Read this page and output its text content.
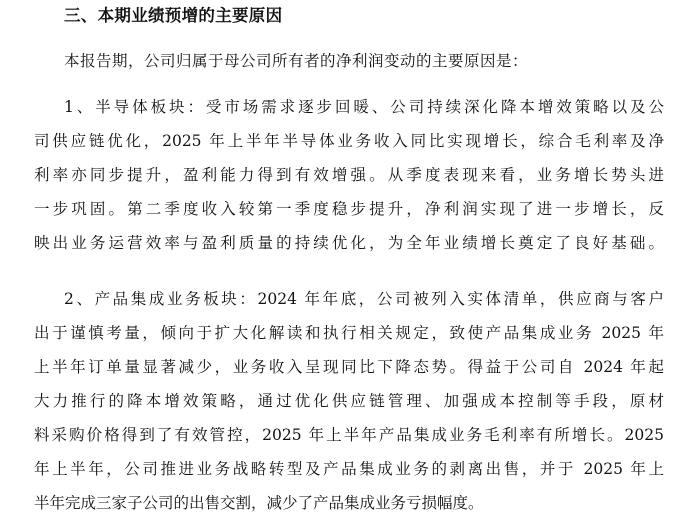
三、本期业绩预增的主要原因
本报告期，公司归属于母公司所有者的净利润变动的主要原因是：
1、半导体板块：受市场需求逐步回暖、公司持续深化降本增效策略以及公
司供应链优化，2025 年上半年半导体业务收入同比实现增长，综合毛利率及净
利率亦同步提升，盈利能力得到有效增强。从季度表现来看，业务增长势头进
一步巩固。第二季度收入较第一季度稳步提升，净利润实现了进一步增长，反
映出业务运营效率与盈利质量的持续优化，为全年业绩增长奠定了良好基础。
2、产品集成业务板块：2024 年年底，公司被列入实体清单，供应商与客户
出于谨慎考量，倾向于扩大化解读和执行相关规定，致使产品集成业务 2025 年
上半年订单量显著减少，业务收入呈现同比下降态势。得益于公司自 2024 年起
大力推行的降本增效策略，通过优化供应链管理、加强成本控制等手段，原材
料采购价格得到了有效管控，2025 年上半年产品集成业务毛利率有所增长。2025
年上半年，公司推进业务战略转型及产品集成业务的剥离出售，并于 2025 年上
半年完成三家子公司的出售交割，减少了产品集成业务亏损幅度。
